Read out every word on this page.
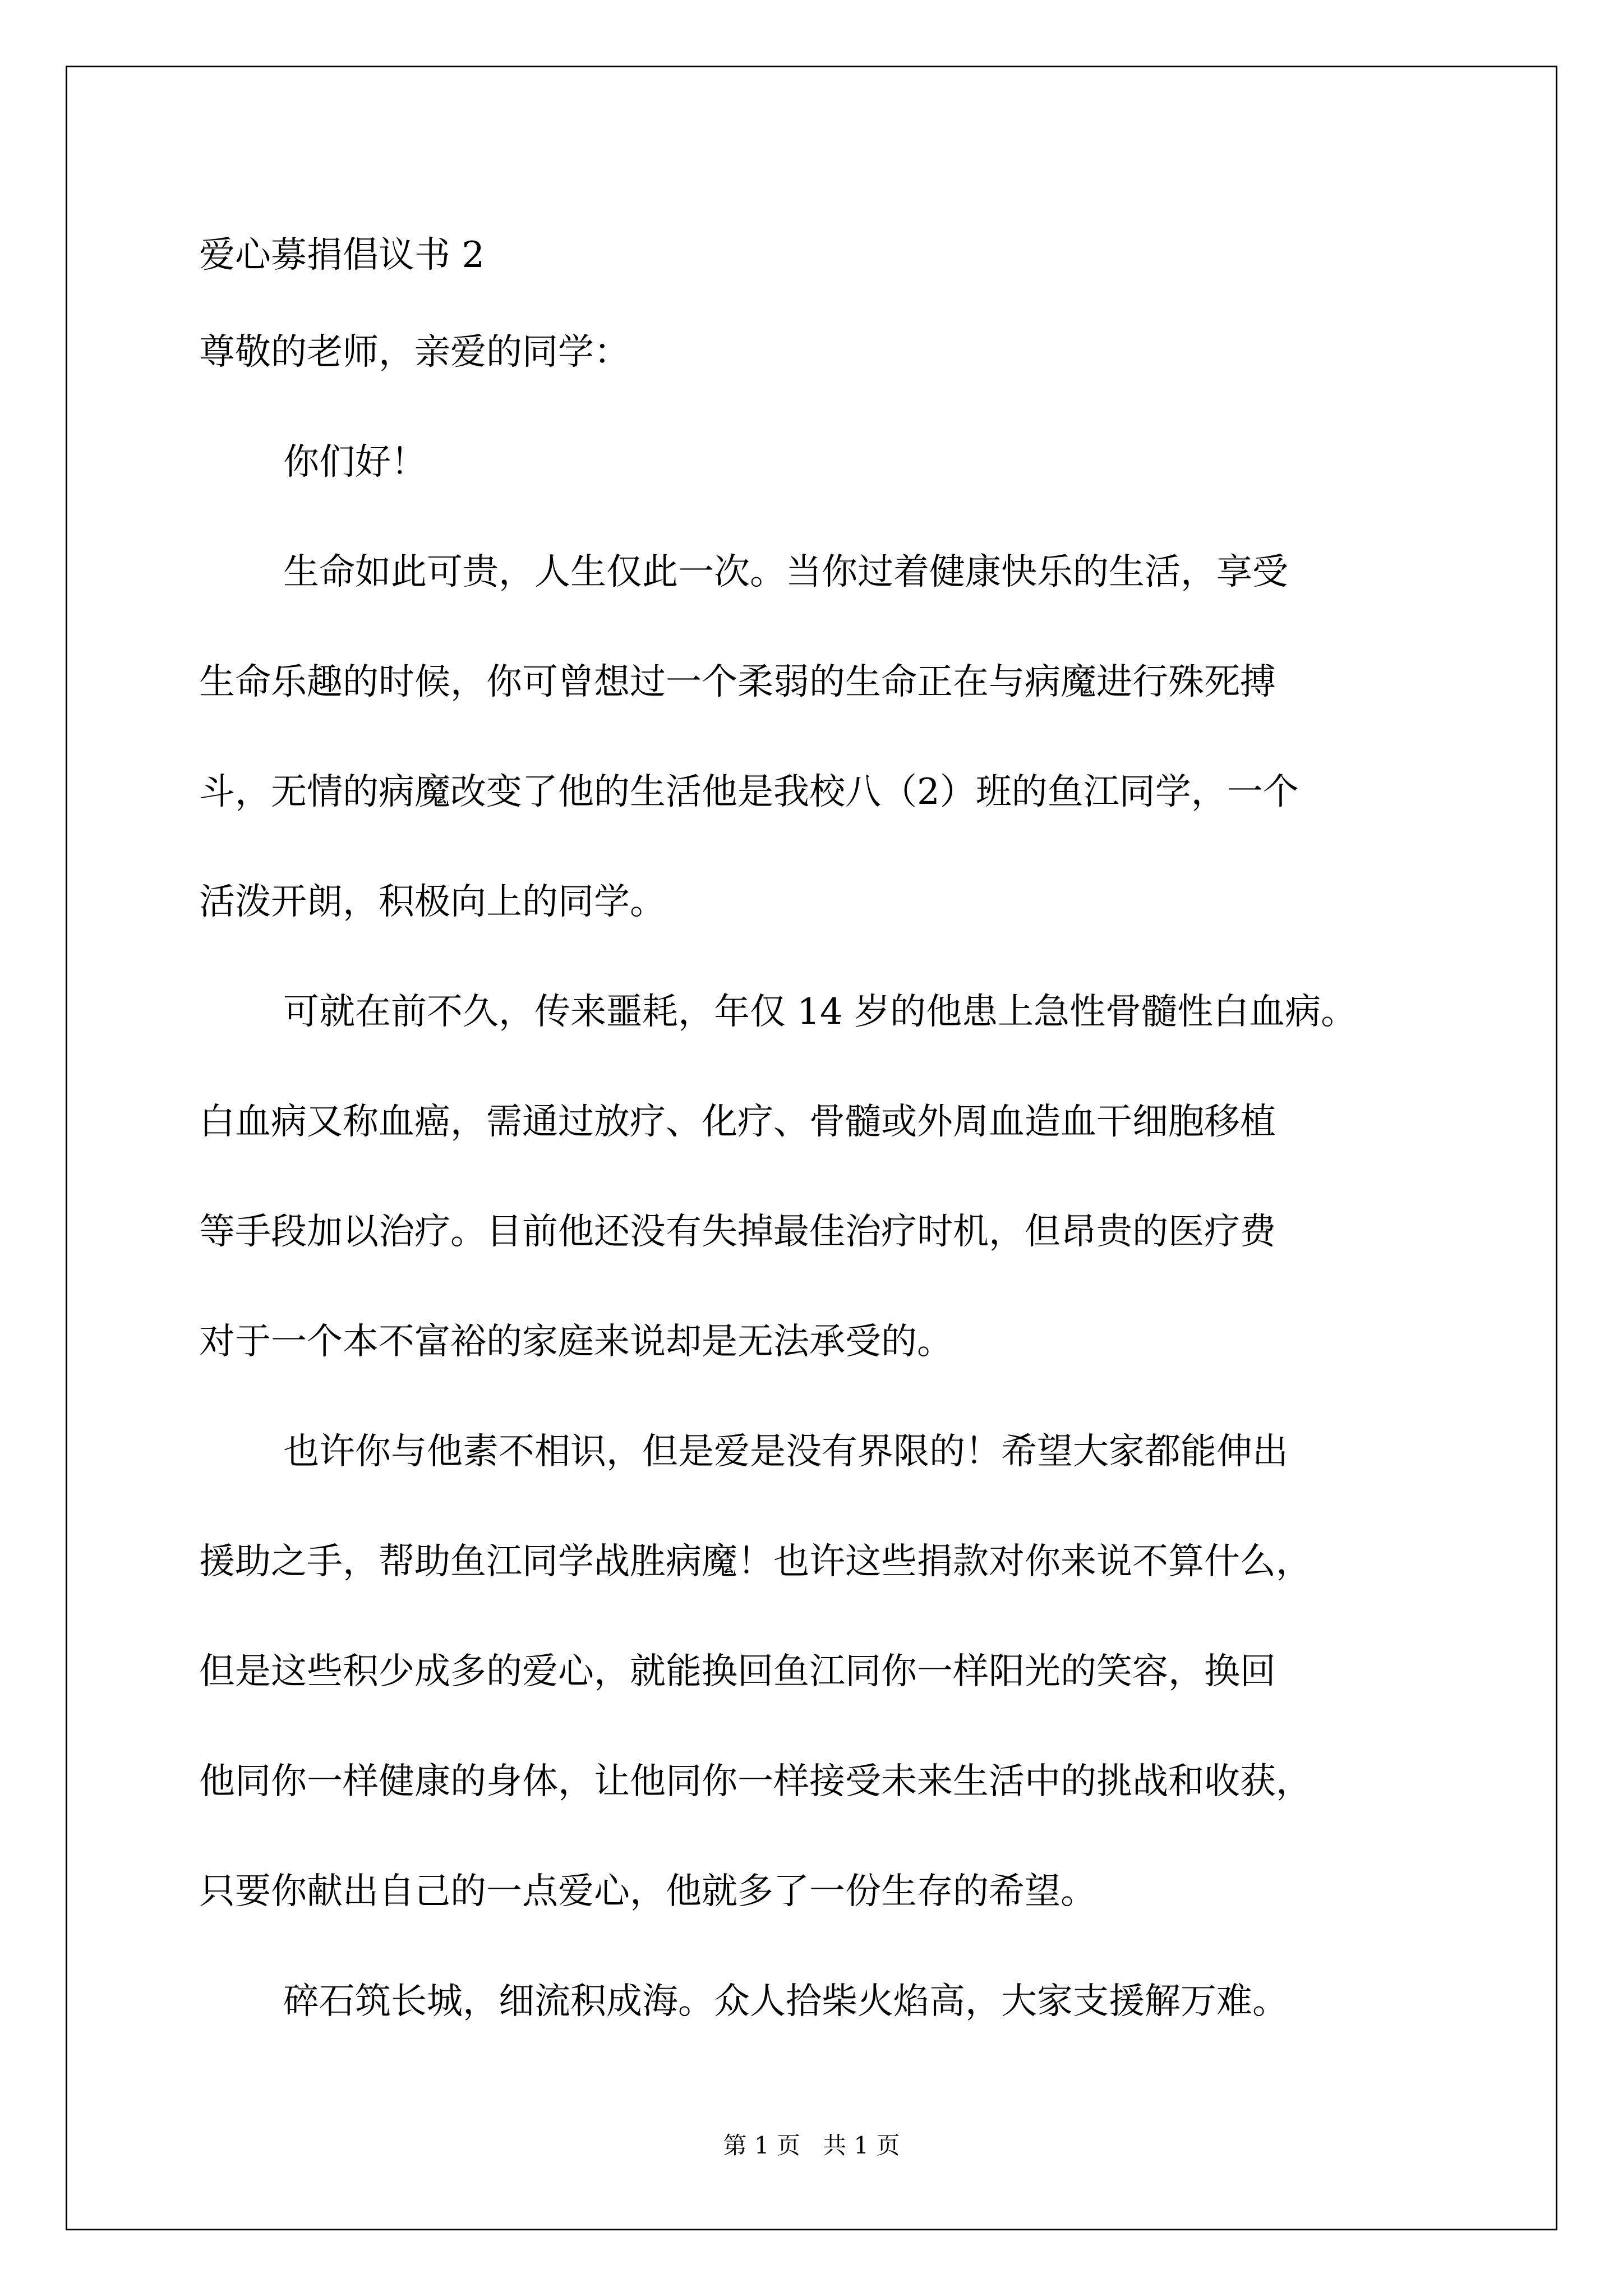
爱心募捐倡议书 2
尊敬的老师，亲爱的同学：
你们好！
生命如此可贵，人生仅此一次。当你过着健康快乐的生活，享受
生命乐趣的时候，你可曾想过一个柔弱的生命正在与病魔进行殊死搏
斗，无情的病魔改变了他的生活他是我校八（2）班的鱼江同学，一个
活泼开朗，积极向上的同学。
可就在前不久，传来噩耗，年仅 14 岁的他患上急性骨髓性白血病。
白血病又称血癌，需通过放疗、化疗、骨髓或外周血造血干细胞移植
等手段加以治疗。目前他还没有失掉最佳治疗时机，但昂贵的医疗费
对于一个本不富裕的家庭来说却是无法承受的。
也许你与他素不相识，但是爱是没有界限的！希望大家都能伸出
援助之手，帮助鱼江同学战胜病魔！也许这些捐款对你来说不算什么，
但是这些积少成多的爱心，就能换回鱼江同你一样阳光的笑容，换回
他同你一样健康的身体，让他同你一样接受未来生活中的挑战和收获，
只要你献出自己的一点爱心，他就多了一份生存的希望。
碎石筑长城，细流积成海。众人拾柴火焰高，大家支援解万难。
第 1 页   共 1 页
